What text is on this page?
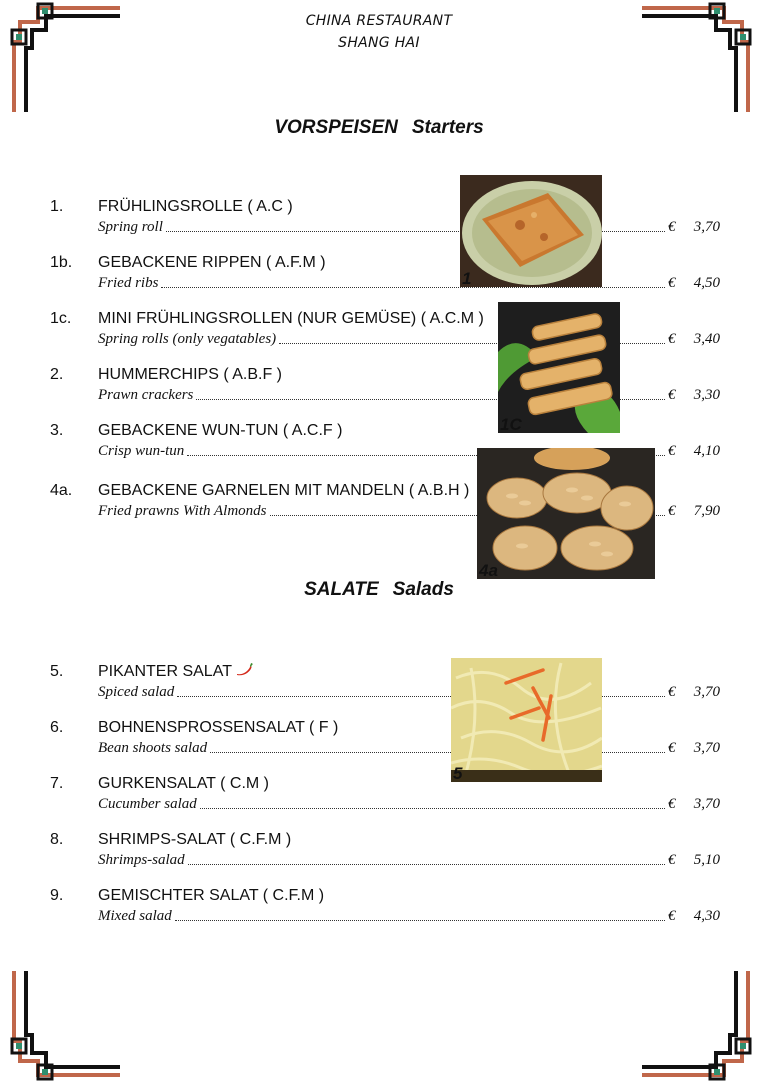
CHINA RESTAURANT
SHANG HAI
VORSPEISEN Starters
1. FRÜHLINGSROLLE ( A.C )
Spring roll	€ 3,70
1b. GEBACKENE RIPPEN ( A.F.M )
Fried ribs	€ 4,50
1c. MINI FRÜHLINGSROLLEN (NUR GEMÜSE) ( A.C.M )
Spring rolls (only vegatables)	€ 3,40
2. HUMMERCHIPS ( A.B.F )
Prawn crackers	€ 3,30
3. GEBACKENE WUN-TUN ( A.C.F )
Crisp wun-tun	€ 4,10
4a. GEBACKENE GARNELEN MIT MANDELN ( A.B.H )
Fried prawns With Almonds	€ 7,90
SALATE Salads
5. PIKANTER SALAT
Spiced salad	€ 3,70
6. BOHNENSPROSSENSALAT ( F )
Bean shoots salad	€ 3,70
7. GURKENSALAT ( C.M )
Cucumber salad	€ 3,70
8. SHRIMPS-SALAT ( C.F.M )
Shrimps-salad	€ 5,10
9. GEMISCHTER SALAT ( C.F.M )
Mixed salad	€ 4,30
1
1C
4a
5
